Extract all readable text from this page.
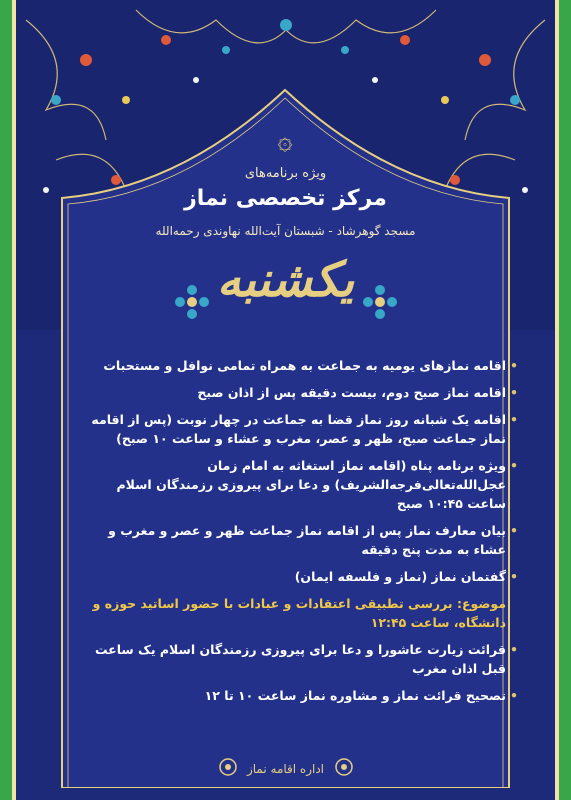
۞
ویژه برنامه‌های
مرکز تخصصی نماز
مسجد گوهرشاد - شبستان آیت‌الله نهاوندی رحمه‌الله
یکشنبه
• اقامه نمازهای یومیه به جماعت به همراه تمامی نوافل و مستحبات
• اقامه نماز صبح دوم، بیست دقیقه پس از اذان صبح
• اقامه یک شبانه روز نماز قضا به جماعت در چهار نوبت (پس از اقامه نماز جماعت صبح، ظهر و عصر، مغرب و عشاء و ساعت ۱۰ صبح)
• ویژه برنامه پناه (اقامه نماز استغاثه به امام زمان عجل‌الله‌تعالی‌فرجه‌الشریف) و دعا برای پیروزی رزمندگان اسلام ساعت ۱۰:۴۵ صبح
• بیان معارف نماز پس از اقامه نماز جماعت ظهر و عصر و مغرب و عشاء به مدت پنج دقیقه
• گفتمان نماز (نماز و فلسفه ایمان)
موضوع: بررسی تطبیقی اعتقادات و عبادات با حضور اساتید حوزه و دانشگاه، ساعت ۱۲:۴۵
• قرائت زیارت عاشورا و دعا برای پیروزی رزمندگان اسلام یک ساعت قبل اذان مغرب
• تصحیح قرائت نماز و مشاوره نماز ساعت ۱۰ تا ۱۲
اداره اقامه نماز
